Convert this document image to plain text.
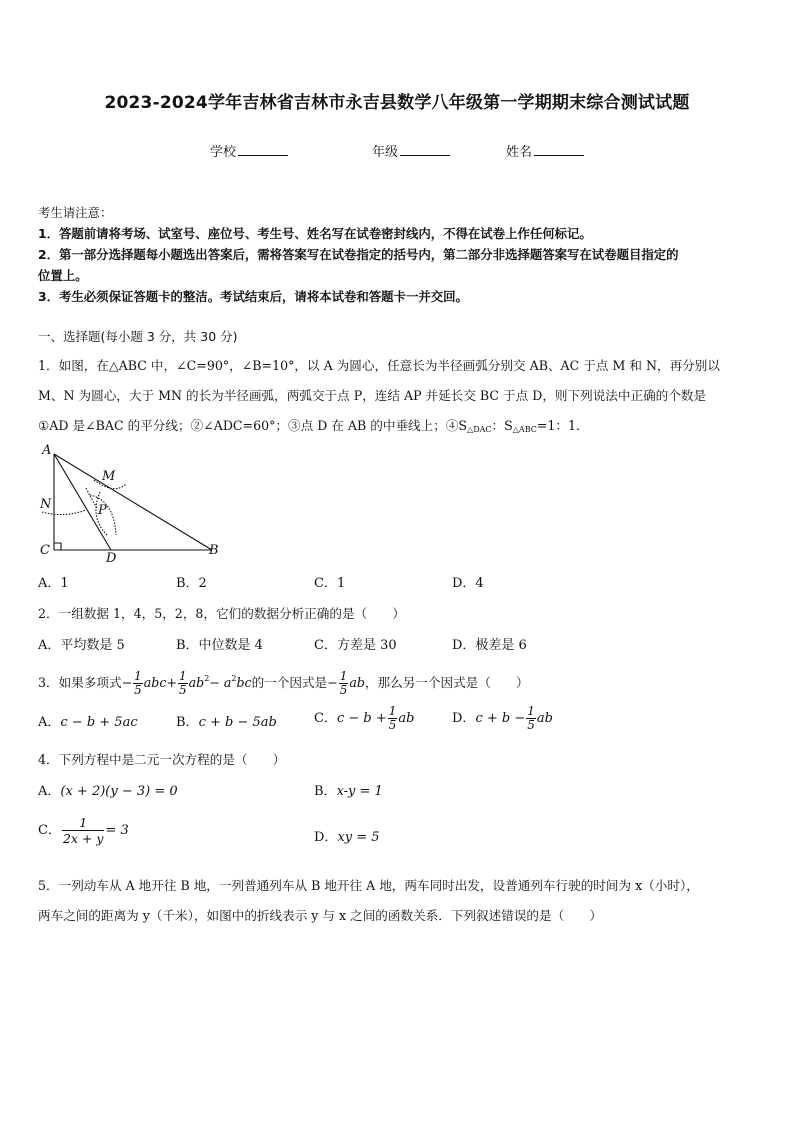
2023-2024学年吉林省吉林市永吉县数学八年级第一学期期末综合测试试题
学校	年级	姓名
考生请注意：
1．答题前请将考场、试室号、座位号、考生号、姓名写在试卷密封线内，不得在试卷上作任何标记。
2．第一部分选择题每小题选出答案后，需将答案写在试卷指定的括号内，第二部分非选择题答案写在试卷题目指定的
位置上。
3．考生必须保证答题卡的整洁。考试结束后，请将本试卷和答题卡一并交回。
一、选择题(每小题 3 分，共 30 分)
1．如图，在△ABC 中，∠C=90°，∠B=10°，以 A 为圆心，任意长为半径画弧分别交 AB、AC 于点 M 和 N，再分别以
M、N 为圆心，大于 MN 的长为半径画弧，两弧交于点 P，连结 AP 并延长交 BC 于点 D，则下列说法中正确的个数是
①AD 是∠BAC 的平分线；②∠ADC=60°；③点 D 在 AB 的中垂线上；$④S_{\triangle DAC}$：$S_{\triangle ABC}=1$：1．
A
C
D
B
M
N	P
A．1	B．2	C．1	D．4
2．一组数据 1，4，5，2，8，它们的数据分析正确的是（　　）
A．平均数是 5	B．中位数是 4	C．方差是 30	D．极差是 6
3．如果多项式− $\frac{1}{5} abc+ \frac{1}{5} ab^2- a^2bc$的一个因式是− $\frac{1}{5}$ ab，那么另一个因式是（　　）
A．c − b + 5ac	B．c + b − 5ab	C．$c - b + \frac{1}{5}$ ab	D．$c + b - \frac{1}{5}$ ab
4．下列方程中是二元一次方程的是（　　）
A．(x + 2)(y − 3) = 0	B．x-y = 1
C． $\frac{1}{2x + y} = 3$	D．xy = 5
5．一列动车从 A 地开往 B 地，一列普通列车从 B 地开往 A 地，两车同时出发，设普通列车行驶的时间为 x（小时），
两车之间的距离为 y（千米），如图中的折线表示 y 与 x 之间的函数关系．下列叙述错误的是（　　）
